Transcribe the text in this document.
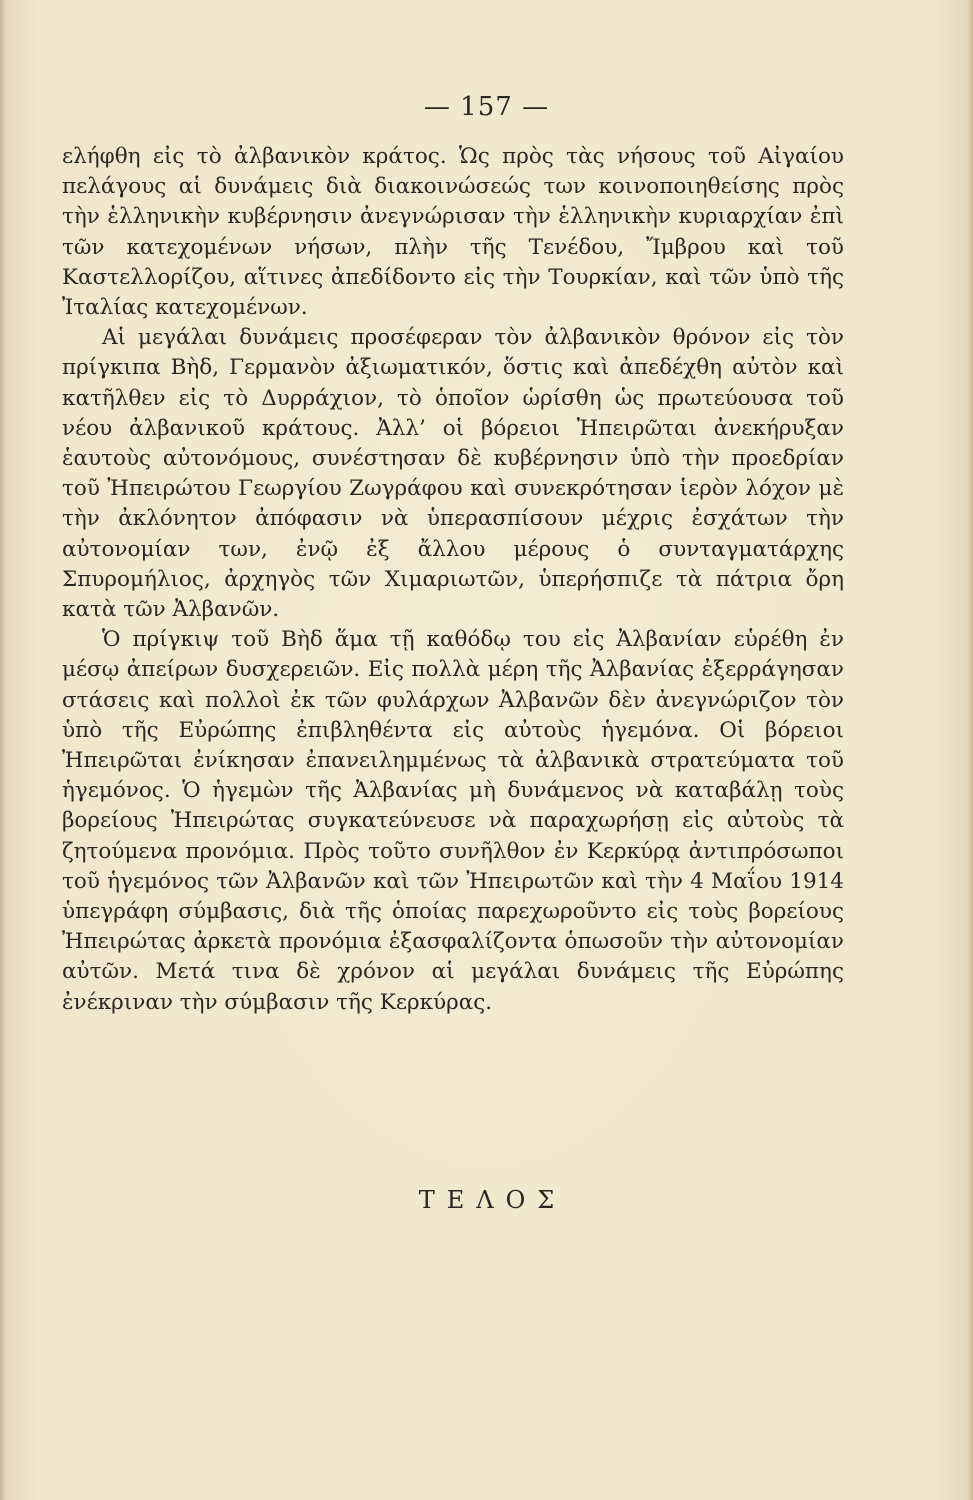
— 157 —

ελήφθη εἰς τὸ ἀλβανικὸν κράτος. Ὡς πρὸς τὰς νήσους τοῦ Αἰγαίου πελάγους αἱ δυνάμεις διὰ διακοινώσεώς των κοινοποιηθείσης πρὸς τὴν ἑλληνικὴν κυβέρνησιν ἀνεγνώρισαν τὴν ἑλληνικὴν κυριαρχίαν ἐπὶ τῶν κατεχομένων νήσων, πλὴν τῆς Τενέδου, Ἴμβρου καὶ τοῦ Καστελλορίζου, αἵτινες ἀπεδίδοντο εἰς τὴν Τουρκίαν, καὶ τῶν ὑπὸ τῆς Ἰταλίας κατεχομένων.

Αἱ μεγάλαι δυνάμεις προσέφεραν τὸν ἀλβανικὸν θρόνον εἰς τὸν πρίγκιπα Βὴδ, Γερμανὸν ἀξιωματικόν, ὅστις καὶ ἀπεδέχθη αὐτὸν καὶ κατῆλθεν εἰς τὸ Δυρράχιον, τὸ ὁποῖον ὡρίσθη ὡς πρωτεύουσα τοῦ νέου ἀλβανικοῦ κράτους. Ἀλλ’ οἱ βόρειοι Ἠπειρῶται ἀνεκήρυξαν ἑαυτοὺς αὐτονόμους, συνέστησαν δὲ κυβέρνησιν ὑπὸ τὴν προεδρίαν τοῦ Ἠπειρώτου Γεωργίου Ζωγράφου καὶ συνεκρότησαν ἱερὸν λόχον μὲ τὴν ἀκλόνητον ἀπόφασιν νὰ ὑπερασπίσουν μέχρις ἐσχάτων τὴν αὐτονομίαν των, ἐνῷ ἐξ ἄλλου μέρους ὁ συνταγματάρχης Σπυρομήλιος, ἀρχηγὸς τῶν Χιμαριωτῶν, ὑπερήσπιζε τὰ πάτρια ὄρη κατὰ τῶν Ἀλβανῶν.

Ὁ πρίγκιψ τοῦ Βὴδ ἅμα τῇ καθόδῳ του εἰς Ἀλβανίαν εὑρέθη ἐν μέσῳ ἀπείρων δυσχερειῶν. Εἰς πολλὰ μέρη τῆς Ἀλβανίας ἐξερράγησαν στάσεις καὶ πολλοὶ ἐκ τῶν φυλάρχων Ἀλβανῶν δὲν ἀνεγνώριζον τὸν ὑπὸ τῆς Εὐρώπης ἐπιβληθέντα εἰς αὐτοὺς ἡγεμόνα. Οἱ βόρειοι Ἠπειρῶται ἐνίκησαν ἐπανειλημμένως τὰ ἀλβανικὰ στρατεύματα τοῦ ἡγεμόνος. Ὁ ἡγεμὼν τῆς Ἀλβανίας μὴ δυνάμενος νὰ καταβάλῃ τοὺς βορείους Ἠπειρώτας συγκατεύνευσε νὰ παραχωρήσῃ εἰς αὐτοὺς τὰ ζητούμενα προνόμια. Πρὸς τοῦτο συνῆλθον ἐν Κερκύρᾳ ἀντιπρόσωποι τοῦ ἡγεμόνος τῶν Ἀλβανῶν καὶ τῶν Ἠπειρωτῶν καὶ τὴν 4 Μαΐου 1914 ὑπεγράφη σύμβασις, διὰ τῆς ὁποίας παρεχωροῦντο εἰς τοὺς βορείους Ἠπειρώτας ἀρκετὰ προνόμια ἐξασφαλίζοντα ὁπωσοῦν τὴν αὐτονομίαν αὐτῶν. Μετά τινα δὲ χρόνον αἱ μεγάλαι δυνάμεις τῆς Εὐρώπης ἐνέκριναν τὴν σύμβασιν τῆς Κερκύρας.

ΤΕΛΟΣ
